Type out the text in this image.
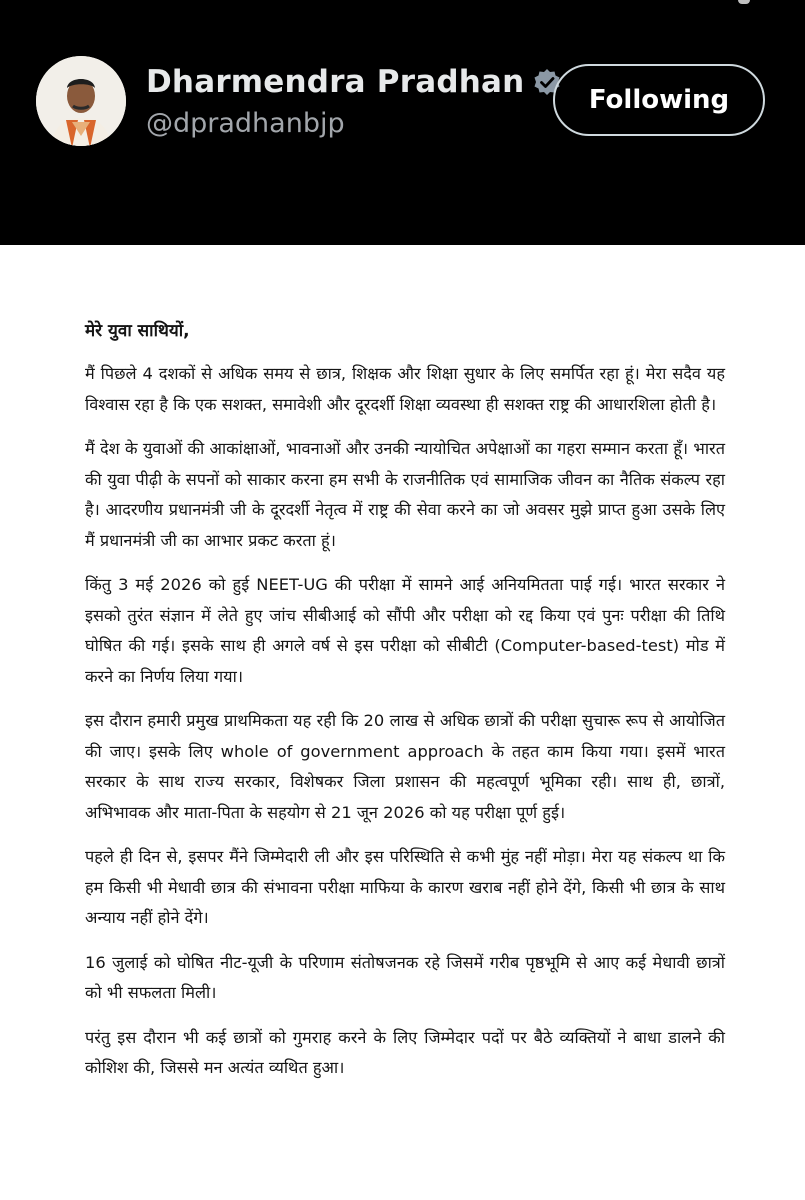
Dharmendra Pradhan
@dpradhanbjp
Following

मेरे युवा साथियों,

मैं पिछले 4 दशकों से अधिक समय से छात्र, शिक्षक और शिक्षा सुधार के लिए समर्पित रहा हूं। मेरा सदैव यह विश्वास रहा है कि एक सशक्त, समावेशी और दूरदर्शी शिक्षा व्यवस्था ही सशक्त राष्ट्र की आधारशिला होती है।

मैं देश के युवाओं की आकांक्षाओं, भावनाओं और उनकी न्यायोचित अपेक्षाओं का गहरा सम्मान करता हूँ। भारत की युवा पीढ़ी के सपनों को साकार करना हम सभी के राजनीतिक एवं सामाजिक जीवन का नैतिक संकल्प रहा है। आदरणीय प्रधानमंत्री जी के दूरदर्शी नेतृत्व में राष्ट्र की सेवा करने का जो अवसर मुझे प्राप्त हुआ उसके लिए मैं प्रधानमंत्री जी का आभार प्रकट करता हूं।

किंतु 3 मई 2026 को हुई NEET-UG की परीक्षा में सामने आई अनियमितता पाई गई। भारत सरकार ने इसको तुरंत संज्ञान में लेते हुए जांच सीबीआई को सौंपी और परीक्षा को रद्द किया एवं पुनः परीक्षा की तिथि घोषित की गई। इसके साथ ही अगले वर्ष से इस परीक्षा को सीबीटी (Computer-based-test) मोड में करने का निर्णय लिया गया।

इस दौरान हमारी प्रमुख प्राथमिकता यह रही कि 20 लाख से अधिक छात्रों की परीक्षा सुचारू रूप से आयोजित की जाए। इसके लिए whole of government approach के तहत काम किया गया। इसमें भारत सरकार के साथ राज्य सरकार, विशेषकर जिला प्रशासन की महत्वपूर्ण भूमिका रही। साथ ही, छात्रों, अभिभावक और माता-पिता के सहयोग से 21 जून 2026 को यह परीक्षा पूर्ण हुई।

पहले ही दिन से, इसपर मैंने जिम्मेदारी ली और इस परिस्थिति से कभी मुंह नहीं मोड़ा। मेरा यह संकल्प था कि हम किसी भी मेधावी छात्र की संभावना परीक्षा माफिया के कारण खराब नहीं होने देंगे, किसी भी छात्र के साथ अन्याय नहीं होने देंगे।

16 जुलाई को घोषित नीट-यूजी के परिणाम संतोषजनक रहे जिसमें गरीब पृष्ठभूमि से आए कई मेधावी छात्रों को भी सफलता मिली।

परंतु इस दौरान भी कई छात्रों को गुमराह करने के लिए जिम्मेदार पदों पर बैठे व्यक्तियों ने बाधा डालने की कोशिश की, जिससे मन अत्यंत व्यथित हुआ।
